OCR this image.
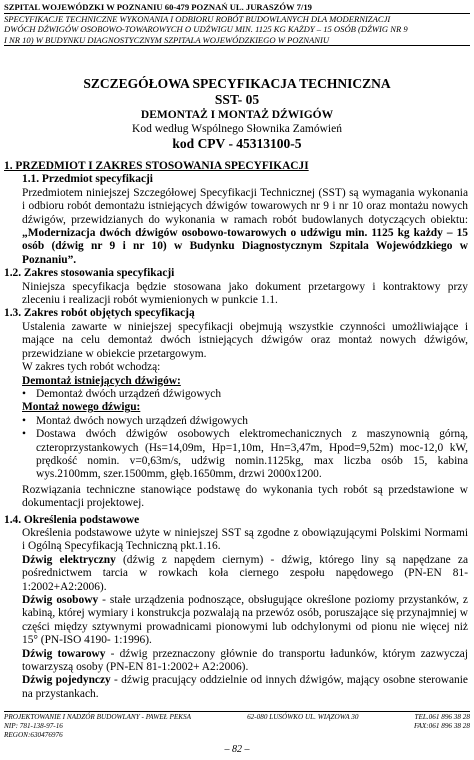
SZPITAL WOJEWÓDZKI W POZNANIU 60-479 POZNAŃ UL. JURASZÓW 7/19
SPECYFIKACJE TECHNICZNE WYKONANIA I ODBIORU ROBÓT BUDOWLANYCH DLA MODERNIZACJI
DWÓCH DŹWIGÓW OSOBOWO-TOWAROWYCH O UDŹWIGU MIN. 1125 KG KAŻDY – 15 OSÓB (DŹWIG NR 9
I NR 10) W BUDYNKU DIAGNOSTYCZNYM SZPITALA WOJEWÓDZKIEGO W POZNANIU
SZCZEGÓŁOWA SPECYFIKACJA TECHNICZNA
SST- 05
DEMONTAŻ I MONTAŻ DŹWIGÓW
Kod według Wspólnego Słownika Zamówień
kod CPV - 45313100-5
1. PRZEDMIOT I ZAKRES STOSOWANIA SPECYFIKACJI
1.1. Przedmiot specyfikacji

Przedmiotem niniejszej Szczegółowej Specyfikacji Technicznej (SST) są wymagania wykonania i odbioru robót demontażu istniejących dźwigów towarowych nr 9 i nr 10 oraz montażu nowych dźwigów, przewidzianych do wykonania w ramach robót budowlanych dotyczących obiektu: „Modernizacja dwóch dźwigów osobowo-towarowych o udźwigu min. 1125 kg każdy – 15 osób (dźwig nr 9 i nr 10) w Budynku Diagnostycznym Szpitala Wojewódzkiego w Poznaniu”.

1.2. Zakres stosowania specyfikacji

Niniejsza specyfikacja będzie stosowana jako dokument przetargowy i kontraktowy przy zleceniu i realizacji robót wymienionych w punkcie 1.1.

1.3. Zakres robót objętych specyfikacją

Ustalenia zawarte w niniejszej specyfikacji obejmują wszystkie czynności umożliwiające i mające na celu demontaż dwóch istniejących dźwigów oraz montaż nowych dźwigów, przewidziane w obiekcie przetargowym.

W zakres tych robót wchodzą:

Demontaż istniejących dźwigów:
• Demontaż dwóch urządzeń dźwigowych
Montaż nowego dźwigu:
• Montaż dwóch nowych urządzeń dźwigowych
• Dostawa dwóch dźwigów osobowych elektromechanicznych z maszynownią górną, czteroprzystankowych (Hs=14,09m, Hp=1,10m, Hn=3,47m, Hpod=9,52m) moc-12,0 kW, prędkość nomin. v=0,63m/s, udźwig nomin.1125kg, max liczba osób 15, kabina wys.2100mm, szer.1500mm, głęb.1650mm, drzwi 2000x1200.

Rozwiązania techniczne stanowiące podstawę do wykonania tych robót są przedstawione w dokumentacji projektowej.

1.4. Określenia podstawowe

Określenia podstawowe użyte w niniejszej SST są zgodne z obowiązującymi Polskimi Normami i Ogólną Specyfikacją Techniczną pkt.1.16.

Dźwig elektryczny (dźwig z napędem ciernym) - dźwig, którego liny są napędzane za pośrednictwem tarcia w rowkach koła ciernego zespołu napędowego (PN-EN 81-1:2002+A2:2006).

Dźwig osobowy - stałe urządzenia podnoszące, obsługujące określone poziomy przystanków, z kabiną, której wymiary i konstrukcja pozwalają na przewóz osób, poruszające się przynajmniej w części między sztywnymi prowadnicami pionowymi lub odchylonymi od pionu nie więcej niż 15° (PN-ISO 4190- 1:1996).

Dźwig towarowy - dźwig przeznaczony głównie do transportu ładunków, którym zazwyczaj towarzyszą osoby (PN-EN 81-1:2002+ A2:2006).

Dźwig pojedynczy - dźwig pracujący oddzielnie od innych dźwigów, mający osobne sterowanie na przystankach.

PROJEKTOWANIE I NADZÓR BUDOWLANY - PAWEŁ PEKSA	62-080 LUSÓWKO UL. WIĄZOWA 30	TEL.061 896 38 28
NIP: 781-138-97-16	FAX:061 896 38 28
REGON:630476976
– 82 –
